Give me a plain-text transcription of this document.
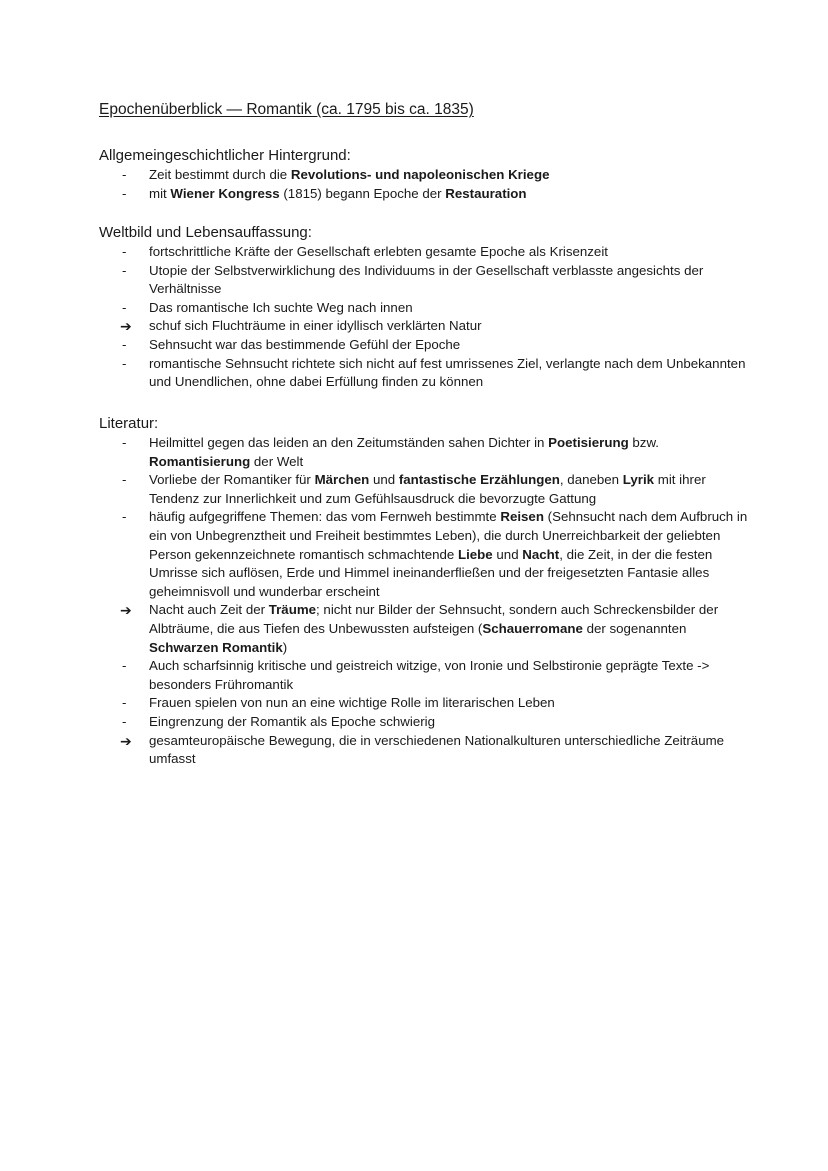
Epochenüberblick — Romantik (ca. 1795 bis ca. 1835)
Allgemeingeschichtlicher Hintergrund:
-	Zeit bestimmt durch die Revolutions- und napoleonischen Kriege
-	mit Wiener Kongress (1815) begann Epoche der Restauration
Weltbild und Lebensauffassung:
-	fortschrittliche Kräfte der Gesellschaft erlebten gesamte Epoche als Krisenzeit
-	Utopie der Selbstverwirklichung des Individuums in der Gesellschaft verblasste angesichts der Verhältnisse
-	Das romantische Ich suchte Weg nach innen
➔	schuf sich Fluchträume in einer idyllisch verklärten Natur
-	Sehnsucht war das bestimmende Gefühl der Epoche
-	romantische Sehnsucht richtete sich nicht auf fest umrissenes Ziel, verlangte nach dem Unbekannten und Unendlichen, ohne dabei Erfüllung finden zu können
Literatur:
-	Heilmittel gegen das leiden an den Zeitumständen sahen Dichter in Poetisierung bzw. Romantisierung der Welt
-	Vorliebe der Romantiker für Märchen und fantastische Erzählungen, daneben Lyrik mit ihrer Tendenz zur Innerlichkeit und zum Gefühlsausdruck die bevorzugte Gattung
-	häufig aufgegriffene Themen: das vom Fernweh bestimmte Reisen (Sehnsucht nach dem Aufbruch in ein von Unbegrenztheit und Freiheit bestimmtes Leben), die durch Unerreichbarkeit der geliebten Person gekennzeichnete romantisch schmachtende Liebe und Nacht, die Zeit, in der die festen Umrisse sich auflösen, Erde und Himmel ineinanderfließen und der freigesetzten Fantasie alles geheimnisvoll und wunderbar erscheint
➔	Nacht auch Zeit der Träume; nicht nur Bilder der Sehnsucht, sondern auch Schreckensbilder der Albträume, die aus Tiefen des Unbewussten aufsteigen (Schauerromane der sogenannten Schwarzen Romantik)
-	Auch scharfsinnig kritische und geistreich witzige, von Ironie und Selbstironie geprägte Texte -> besonders Frühromantik
-	Frauen spielen von nun an eine wichtige Rolle im literarischen Leben
-	Eingrenzung der Romantik als Epoche schwierig
➔	gesamteuropäische Bewegung, die in verschiedenen Nationalkulturen unterschiedliche Zeiträume umfasst
